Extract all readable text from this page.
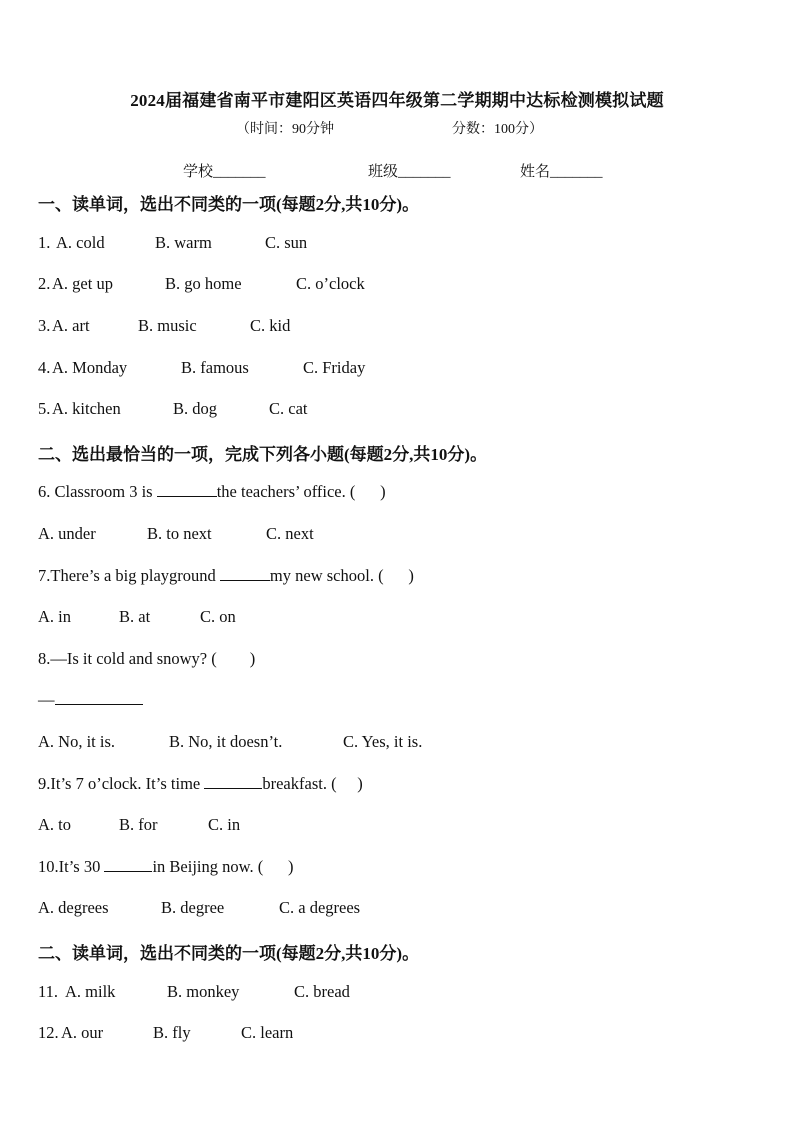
2024届福建省南平市建阳区英语四年级第二学期期中达标检测模拟试题
（时间：90分钟	分数：100分）
学校_______	班级_______	姓名_______
一、读单词，选出不同类的一项(每题2分,共10分)。
1. A. cold	B. warm	C. sun
2. A. get up	B. go home	C. o’clock
3. A. art	B. music	C. kid
4. A. Monday	B. famous	C. Friday
5. A. kitchen	B. dog	C. cat
二、选出最恰当的一项，完成下列各小题(每题2分,共10分)。
6. Classroom 3 is	the teachers’ office. (      )
A. under	B. to next	C. next
7.There’s a big playground	my new school. (      )
A. in	B. at	C. on
8.—Is it cold and snowy? (        )
—
A. No, it is.	B. No, it doesn’t.	C. Yes, it is.
9.It’s 7 o’clock. It’s time	breakfast. (     )
A. to	B. for	C. in
10.It’s 30	in Beijing now. (      )
A. degrees	B. degree	C. a degrees
二、读单词，选出不同类的一项(每题2分,共10分)。
11. A. milk	B. monkey	C. bread
12. A. our	B. fly	C. learn
